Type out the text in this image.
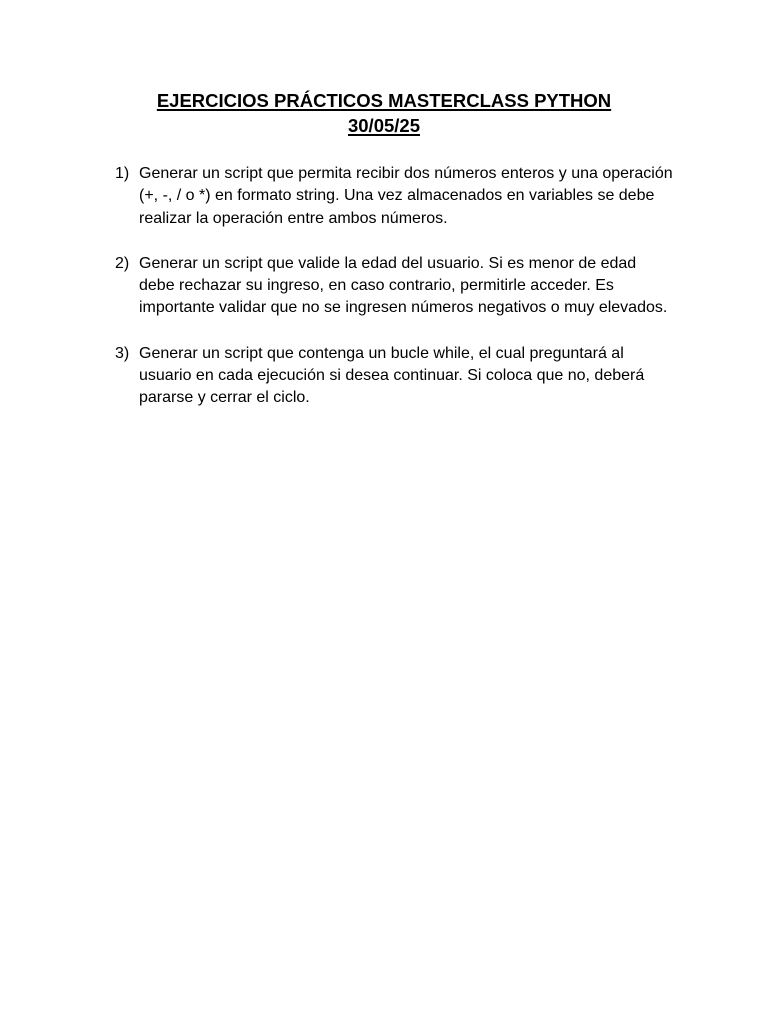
EJERCICIOS PRÁCTICOS MASTERCLASS PYTHON
30/05/25
1) Generar un script que permita recibir dos números enteros y una operación (+, -, / o *) en formato string. Una vez almacenados en variables se debe realizar la operación entre ambos números.
2) Generar un script que valide la edad del usuario. Si es menor de edad debe rechazar su ingreso, en caso contrario, permitirle acceder. Es importante validar que no se ingresen números negativos o muy elevados.
3) Generar un script que contenga un bucle while, el cual preguntará al usuario en cada ejecución si desea continuar. Si coloca que no, deberá pararse y cerrar el ciclo.
